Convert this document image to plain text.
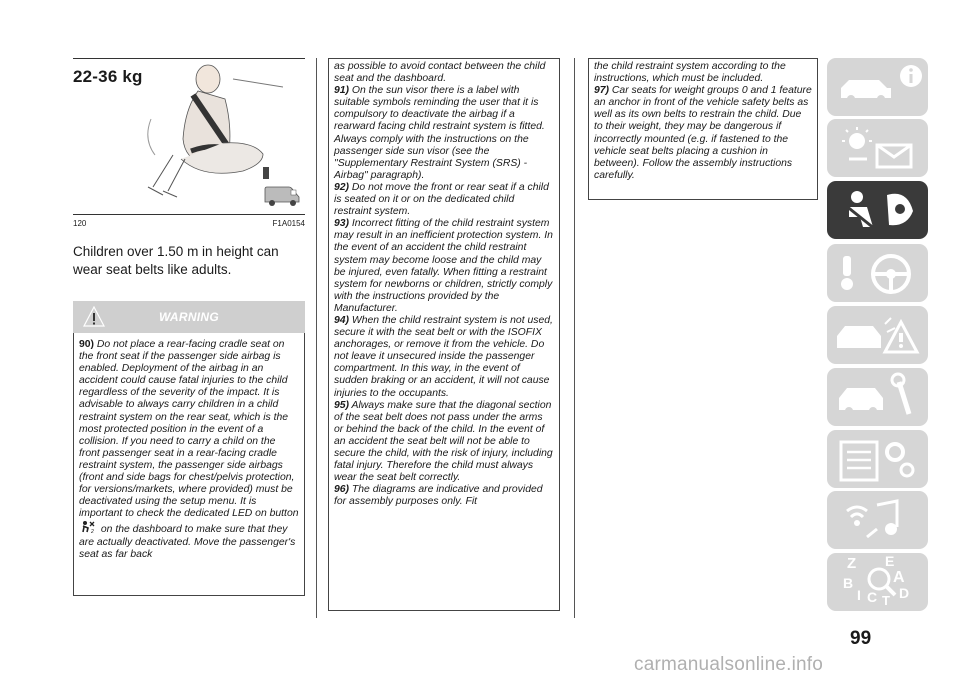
22-36 kg
120	F1A0154
Children over 1.50 m in height can wear seat belts like adults.
WARNING
90) Do not place a rear-facing cradle seat on the front seat if the passenger side airbag is enabled. Deployment of the airbag in an accident could cause fatal injuries to the child regardless of the severity of the impact. It is advisable to always carry children in a child restraint system on the rear seat, which is the most protected position in the event of a collision. If you need to carry a child on the front passenger seat in a rear-facing cradle restraint system, the passenger side airbags (front and side bags for chest/pelvis protection, for versions/markets, where provided) must be deactivated using the setup menu. It is important to check the dedicated LED on button
2 on the dashboard to make sure that they are actually deactivated. Move the passenger's seat as far back

as possible to avoid contact between the child seat and the dashboard.

91) On the sun visor there is a label with suitable symbols reminding the user that it is compulsory to deactivate the airbag if a rearward facing child restraint system is fitted. Always comply with the instructions on the passenger side sun visor (see the "Supplementary Restraint System (SRS) - Airbag" paragraph).

92) Do not move the front or rear seat if a child is seated on it or on the dedicated child restraint system.

93) Incorrect fitting of the child restraint system may result in an inefficient protection system. In the event of an accident the child restraint system may become loose and the child may be injured, even fatally. When fitting a restraint system for newborns or children, strictly comply with the instructions provided by the Manufacturer.

94) When the child restraint system is not used, secure it with the seat belt or with the ISOFIX anchorages, or remove it from the vehicle. Do not leave it unsecured inside the passenger compartment. In this way, in the event of sudden braking or an accident, it will not cause injuries to the occupants.

95) Always make sure that the diagonal section of the seat belt does not pass under the arms or behind the back of the child. In the event of an accident the seat belt will not be able to secure the child, with the risk of injury, including fatal injury. Therefore the child must always wear the seat belt correctly.

96) The diagrams are indicative and provided for assembly purposes only. Fit

the child restraint system according to the instructions, which must be included.

97) Car seats for weight groups 0 and 1 feature an anchor in front of the vehicle safety belts as well as its own belts to restrain the child. Due to their weight, they may be dangerous if incorrectly mounted (e.g. if fastened to the vehicle seat belts placing a cushion in between). Follow the assembly instructions carefully.

Z E
B A
I C T D
99
carmanualsonline.info
